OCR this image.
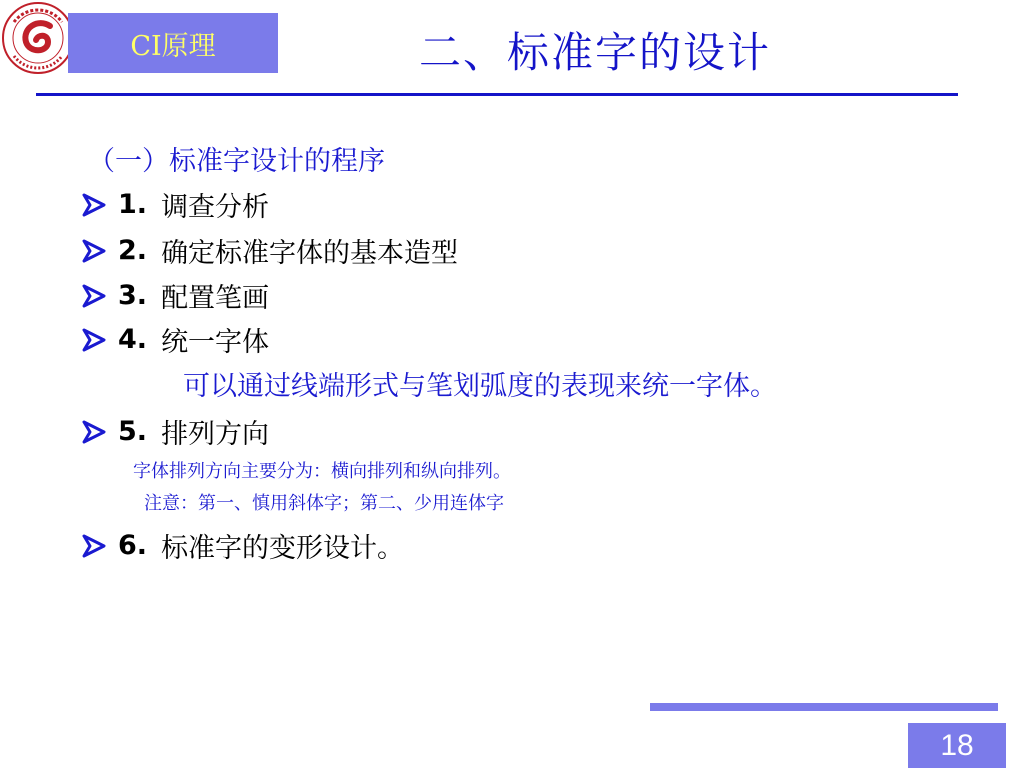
CI原理	二、标准字的设计
（一）标准字设计的程序
1 . 调查分析
2 . 确定标准字体的基本造型
3 . 配置笔画
4 . 统一字体
可以通过线端形式与笔划弧度的表现来统一字体。
5 . 排列方向
字体排列方向主要分为：横向排列和纵向排列。
注意：第一、慎用斜体字；第二、少用连体字
6 . 标准字的变形设计。
18
